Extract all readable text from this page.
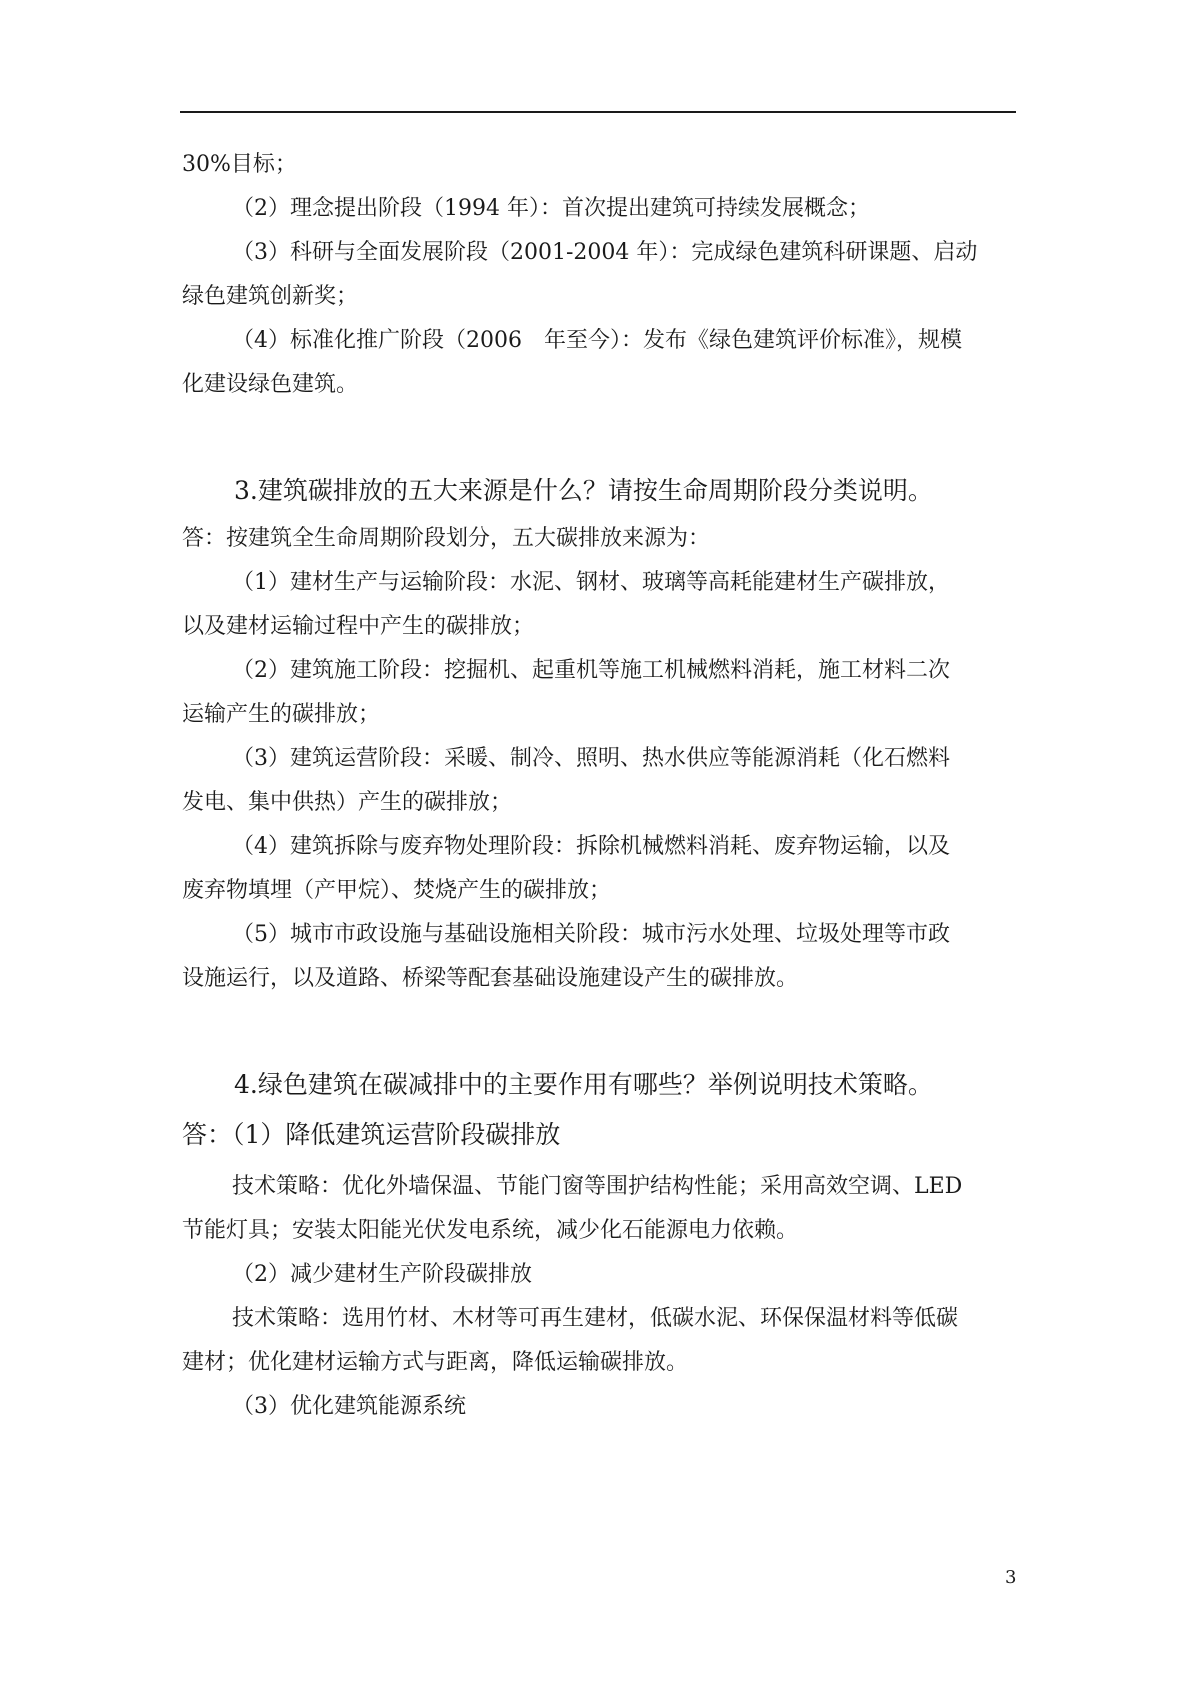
30%目标；
（2）理念提出阶段（1994 年）：首次提出建筑可持续发展概念；
（3）科研与全面发展阶段（2001-2004 年）：完成绿色建筑科研课题、启动
绿色建筑创新奖；
（4）标准化推广阶段（2006　年至今）：发布《绿色建筑评价标准》，规模
化建设绿色建筑。
3.建筑碳排放的五大来源是什么？请按生命周期阶段分类说明。
答：按建筑全生命周期阶段划分，五大碳排放来源为：
（1）建材生产与运输阶段：水泥、钢材、玻璃等高耗能建材生产碳排放，
以及建材运输过程中产生的碳排放；
（2）建筑施工阶段：挖掘机、起重机等施工机械燃料消耗，施工材料二次
运输产生的碳排放；
（3）建筑运营阶段：采暖、制冷、照明、热水供应等能源消耗（化石燃料
发电、集中供热）产生的碳排放；
（4）建筑拆除与废弃物处理阶段：拆除机械燃料消耗、废弃物运输，以及
废弃物填埋（产甲烷）、焚烧产生的碳排放；
（5）城市市政设施与基础设施相关阶段：城市污水处理、垃圾处理等市政
设施运行，以及道路、桥梁等配套基础设施建设产生的碳排放。
4.绿色建筑在碳减排中的主要作用有哪些？举例说明技术策略。
答：（1）降低建筑运营阶段碳排放
技术策略：优化外墙保温、节能门窗等围护结构性能；采用高效空调、LED
节能灯具；安装太阳能光伏发电系统，减少化石能源电力依赖。
（2）减少建材生产阶段碳排放
技术策略：选用竹材、木材等可再生建材，低碳水泥、环保保温材料等低碳
建材；优化建材运输方式与距离，降低运输碳排放。
（3）优化建筑能源系统
3
